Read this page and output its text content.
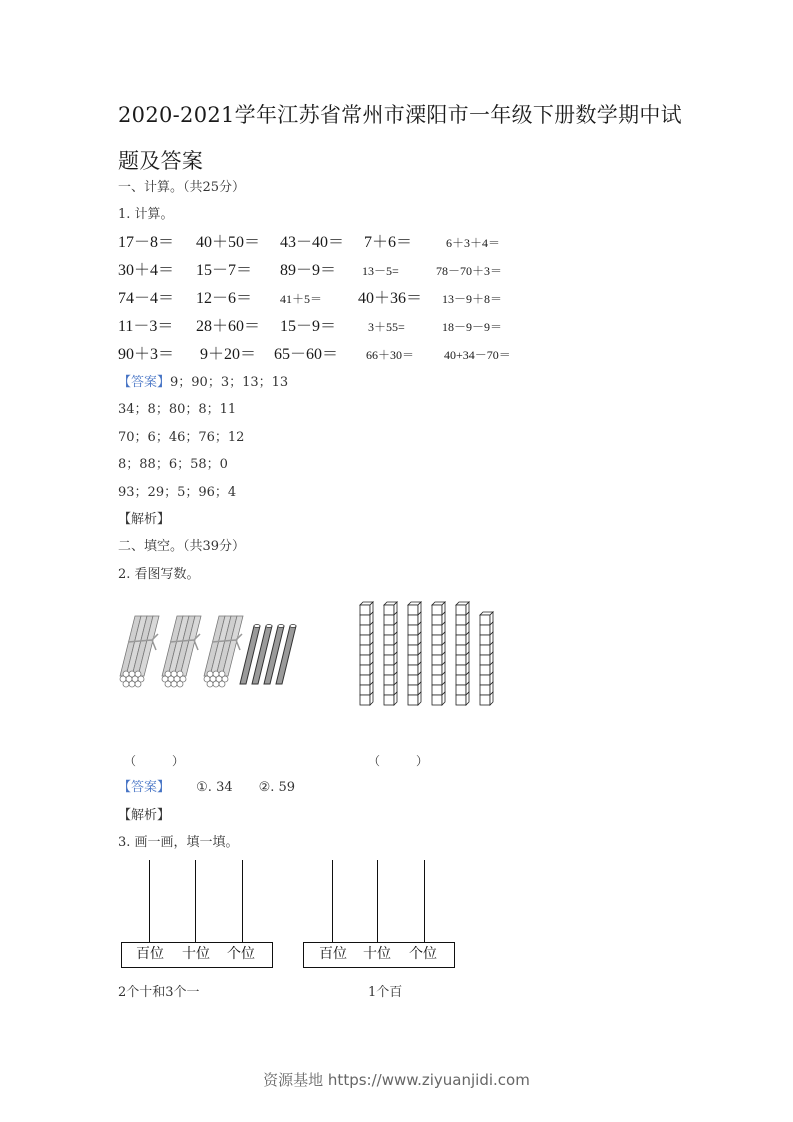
2020-2021学年江苏省常州市溧阳市一年级下册数学期中试
题及答案
一、计算。（共25分）
1. 计算。
17－8＝ 40＋50＝ 43－40＝ 7＋6＝	6＋3＋4＝
30＋4＝ 15－7＝ 89－9＝ 13－5=	78－70＋3＝
74－4＝ 12－6＝ 41＋5＝ 40＋36＝ 13－9＋8＝
11－3＝ 28＋60＝ 15－9＝	3＋55=	18－9－9＝
90＋3＝ 9＋20＝ 65－60＝ 66＋30＝ 40+34－70＝
【答案】9；90；3；13；13
34；8；80；8；11
70；6；46；76；12
8；88；6；58；0
93；29；5；96；4
【解析】
二、填空。（共39分）
2. 看图写数。
（　　　）	（　　　）
【答案】 ①. 34　　②. 59
【解析】
3. 画一画，填一填。
百位 十位 个位
2个十和3个一
百位 十位 个位
1个百
资源基地 https://www.ziyuanjidi.com
